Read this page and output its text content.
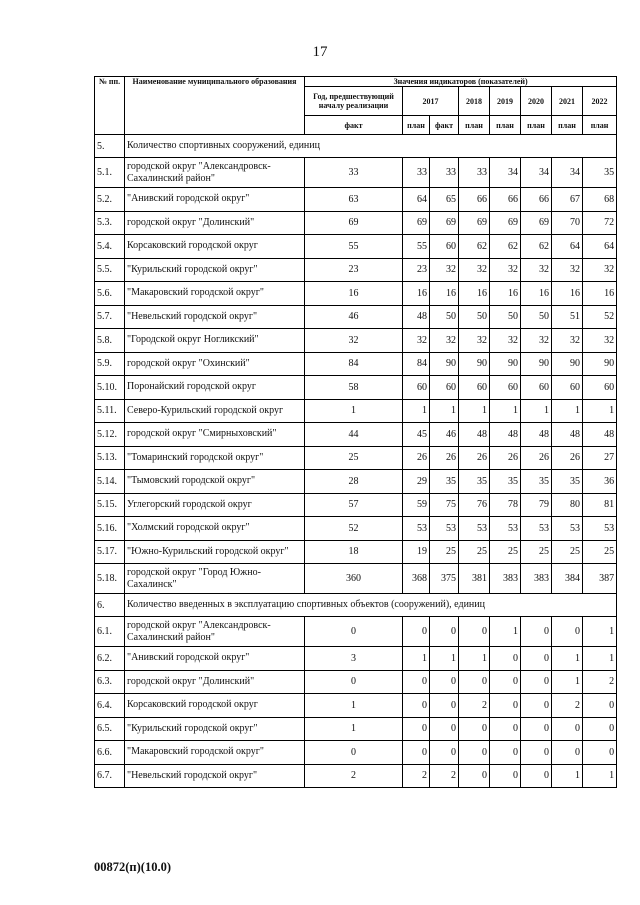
17
№ пп.	Наименование муниципального образования	Значения индикаторов (показателей)							
		Год, предшествующий началу реализации	2017		2018	2019	2020	2021	2022
		факт	план	факт	план	план	план	план	план
5.	Количество спортивных сооружений, единиц								
5.1.	городской округ "Александровск-Сахалинский район"	33	33	33	33	34	34	34	35
5.2.	"Анивский городской округ"	63	64	65	66	66	66	67	68
5.3.	городской округ "Долинский"	69	69	69	69	69	69	70	72
5.4.	Корсаковский городской округ	55	55	60	62	62	62	64	64
5.5.	"Курильский городской округ"	23	23	32	32	32	32	32	32
5.6.	"Макаровский городской округ"	16	16	16	16	16	16	16	16
5.7.	"Невельский городской округ"	46	48	50	50	50	50	51	52
5.8.	"Городской округ Ногликский"	32	32	32	32	32	32	32	32
5.9.	городской округ "Охинский"	84	84	90	90	90	90	90	90
5.10.	Поронайский городской округ	58	60	60	60	60	60	60	60
5.11.	Северо-Курильский городской округ	1	1	1	1	1	1	1	1
5.12.	городской округ "Смирныховский"	44	45	46	48	48	48	48	48
5.13.	"Томаринский городской округ"	25	26	26	26	26	26	26	27
5.14.	"Тымовский городской округ"	28	29	35	35	35	35	35	36
5.15.	Углегорский городской округ	57	59	75	76	78	79	80	81
5.16.	"Холмский городской округ"	52	53	53	53	53	53	53	53
5.17.	"Южно-Курильский городской округ"	18	19	25	25	25	25	25	25
5.18.	городской округ "Город Южно-Сахалинск"	360	368	375	381	383	383	384	387
6.	Количество введенных в эксплуатацию спортивных объектов (сооружений), единиц								
6.1.	городской округ "Александровск-Сахалинский район"	0	0	0	0	1	0	0	1
6.2.	"Анивский городской округ"	3	1	1	1	0	0	1	1
6.3.	городской округ "Долинский"	0	0	0	0	0	0	1	2
6.4.	Корсаковский городской округ	1	0	0	2	0	0	2	0
6.5.	"Курильский городской округ"	1	0	0	0	0	0	0	0
6.6.	"Макаровский городской округ"	0	0	0	0	0	0	0	0
6.7.	"Невельский городской округ"	2	2	2	0	0	0	1	1
00872(п)(10.0)
